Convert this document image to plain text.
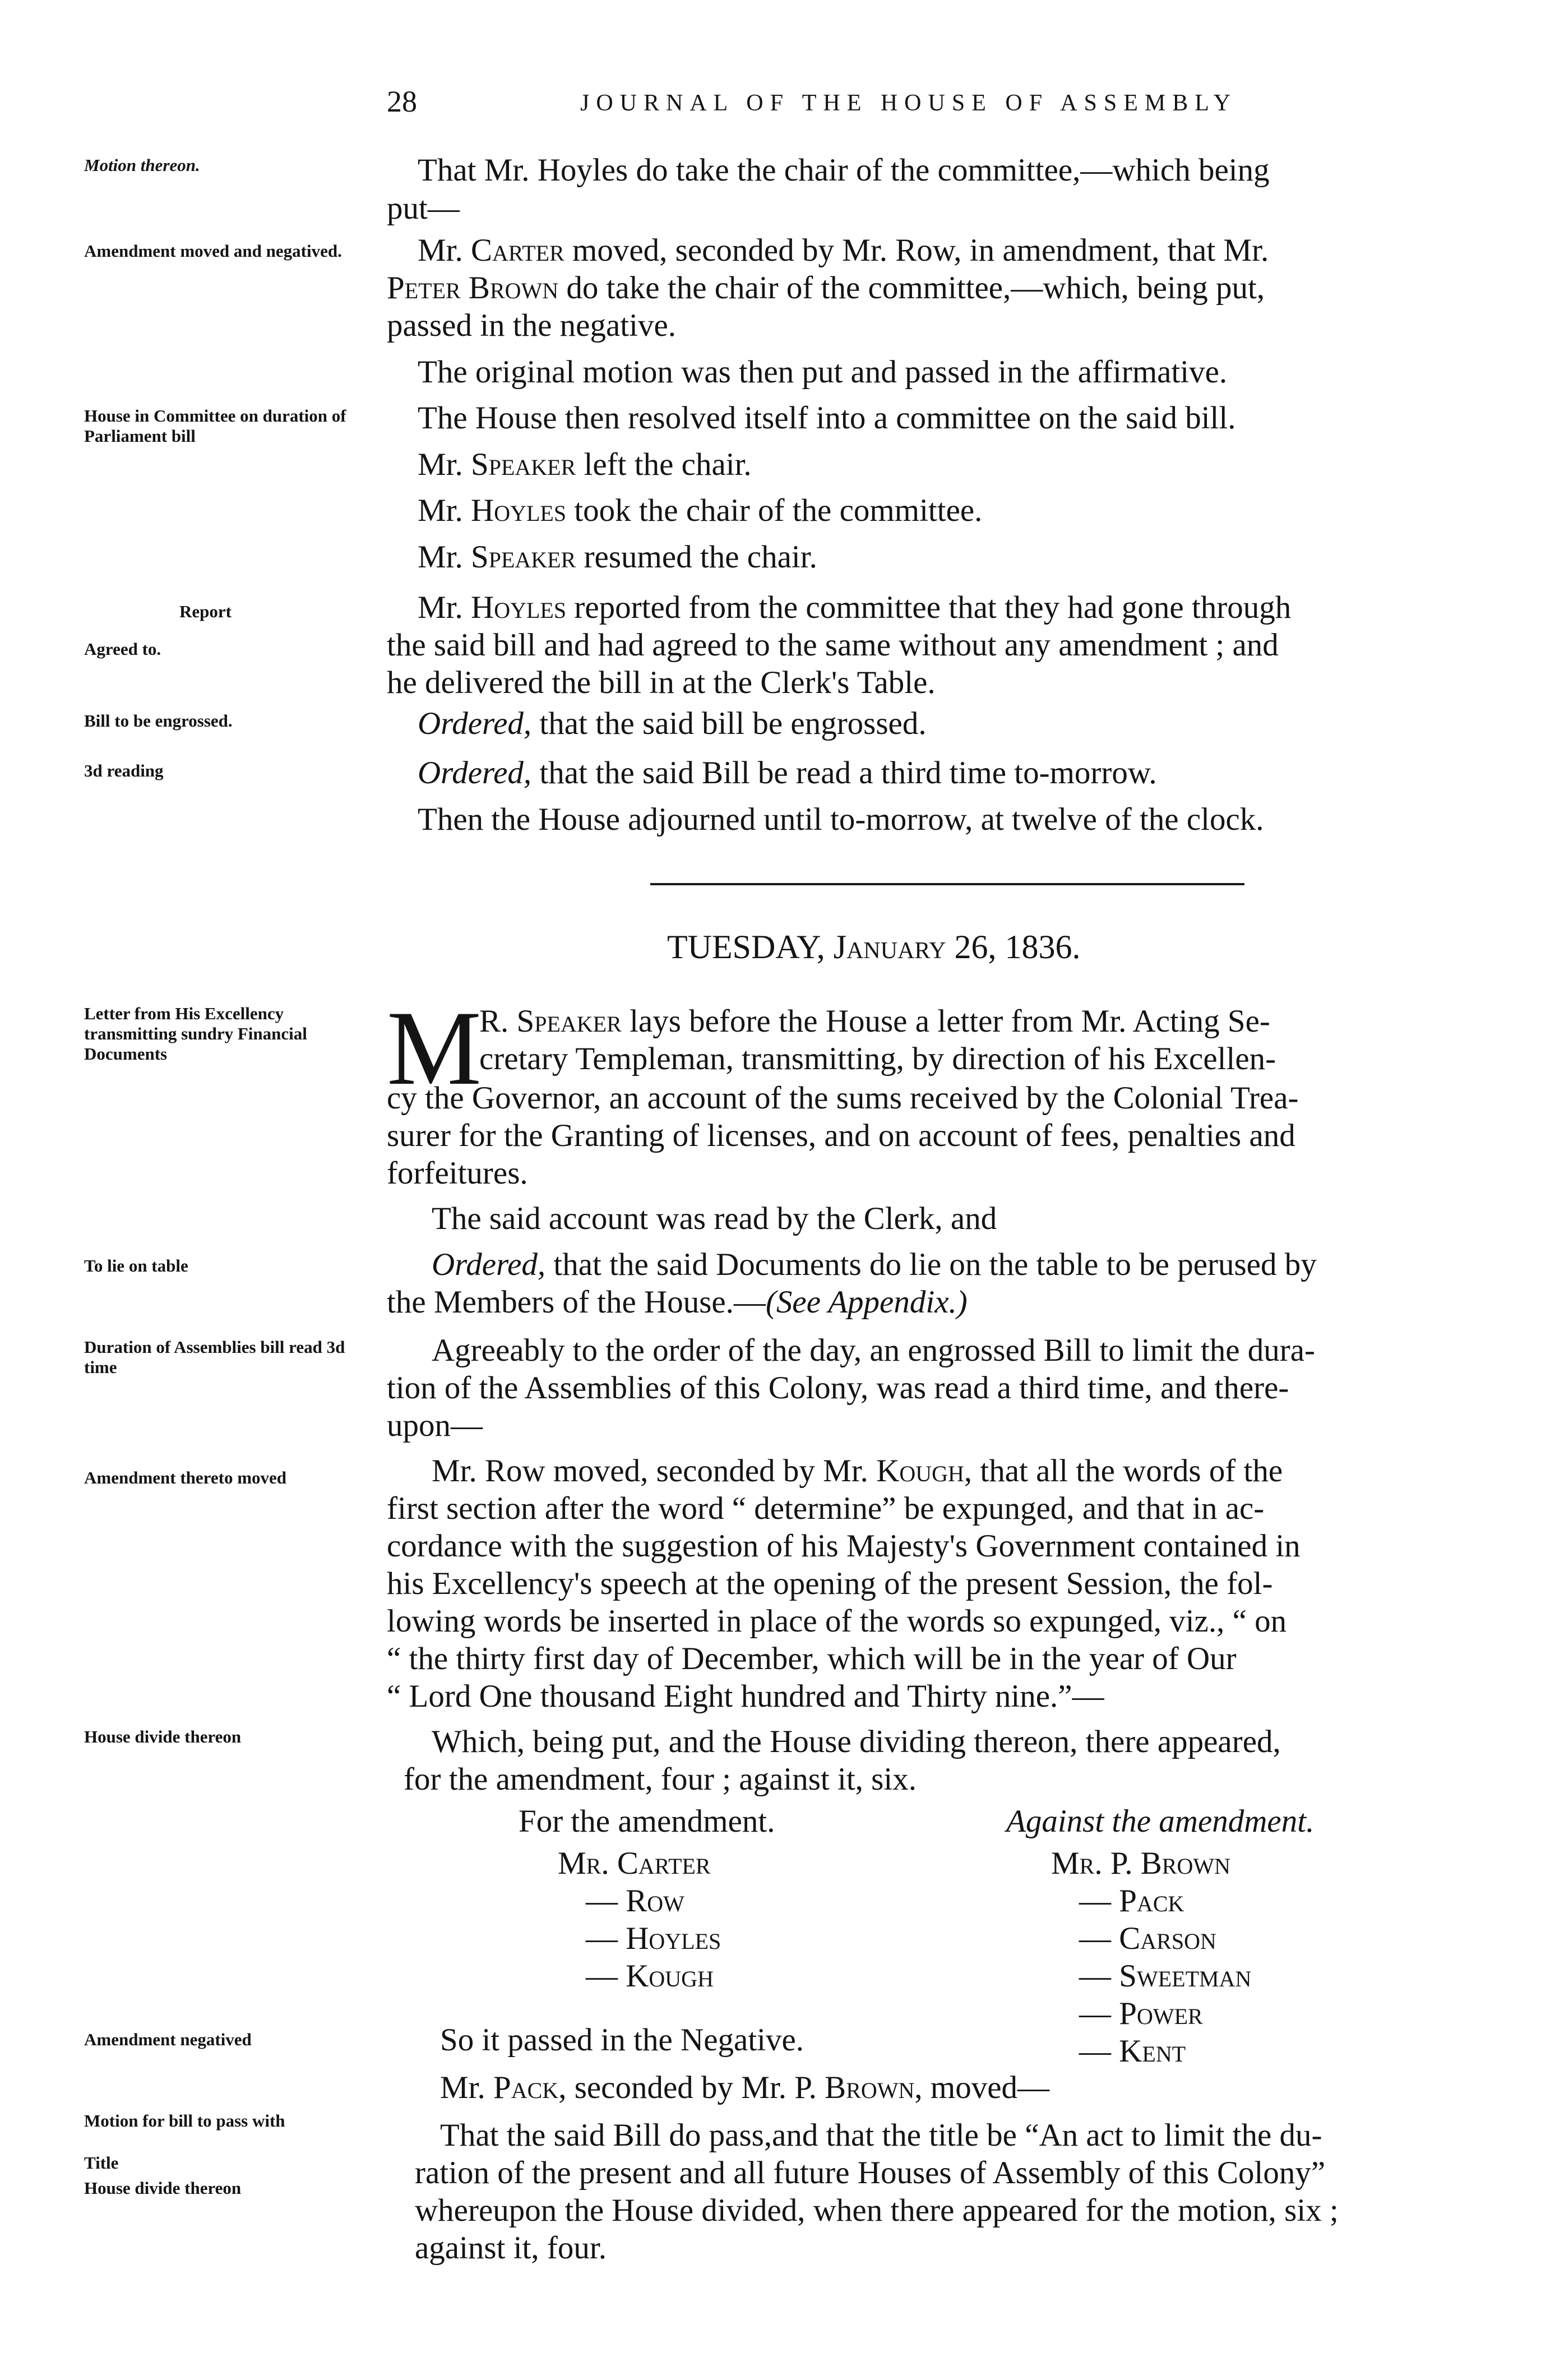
28	JOURNAL OF THE HOUSE OF ASSEMBLY
Motion thereon.
Amendment moved and negatived.
House in Committee on duration of Parliament bill
Report
Agreed to.
Bill to be engrossed.
3d reading
Letter from His Excellency transmitting sundry Financial Documents
To lie on table
Duration of Assemblies bill read 3d time
Amendment thereto moved
House divide thereon
Amendment negatived
Motion for bill to pass with
Title
House divide thereon
That Mr. Hoyles do take the chair of the committee,—which being
put—
Mr. Carter moved, seconded by Mr. Row, in amendment, that Mr.
Peter Brown do take the chair of the committee,—which, being put,
passed in the negative.
The original motion was then put and passed in the affirmative.
The House then resolved itself into a committee on the said bill.
Mr. Speaker left the chair.
Mr. Hoyles took the chair of the committee.
Mr. Speaker resumed the chair.
Mr. Hoyles reported from the committee that they had gone through
the said bill and had agreed to the same without any amendment ; and
he delivered the bill in at the Clerk's Table.
Ordered, that the said bill be engrossed.
Ordered, that the said Bill be read a third time to-morrow.
Then the House adjourned until to-morrow, at twelve of the clock.
TUESDAY, January 26, 1836.
M
R. Speaker lays before the House a letter from Mr. Acting Se-
cretary Templeman, transmitting, by direction of his Excellen-
cy the Governor, an account of the sums received by the Colonial Trea-
surer for the Granting of licenses, and on account of fees, penalties and
forfeitures.
The said account was read by the Clerk, and
Ordered, that the said Documents do lie on the table to be perused by
the Members of the House.—(See Appendix.)
Agreeably to the order of the day, an engrossed Bill to limit the dura-
tion of the Assemblies of this Colony, was read a third time, and there-
upon—
Mr. Row moved, seconded by Mr. Kough, that all the words of the
first section after the word “ determine” be expunged, and that in ac-
cordance with the suggestion of his Majesty's Government contained in
his Excellency's speech at the opening of the present Session, the fol-
lowing words be inserted in place of the words so expunged, viz., “ on
“ the thirty first day of December, which will be in the year of Our
“ Lord One thousand Eight hundred and Thirty nine.”—
Which, being put, and the House dividing thereon, there appeared,
for the amendment, four ; against it, six.
For the amendment.	Against the amendment.
Mr. Carter
— Row
— Hoyles
— Kough
Mr. P. Brown
— Pack
— Carson
— Sweetman
— Power
— Kent
So it passed in the Negative.
Mr. Pack, seconded by Mr. P. Brown, moved—
That the said Bill do pass,and that the title be “An act to limit the du-
ration of the present and all future Houses of Assembly of this Colony”
whereupon the House divided, when there appeared for the motion, six ;
against it, four.
